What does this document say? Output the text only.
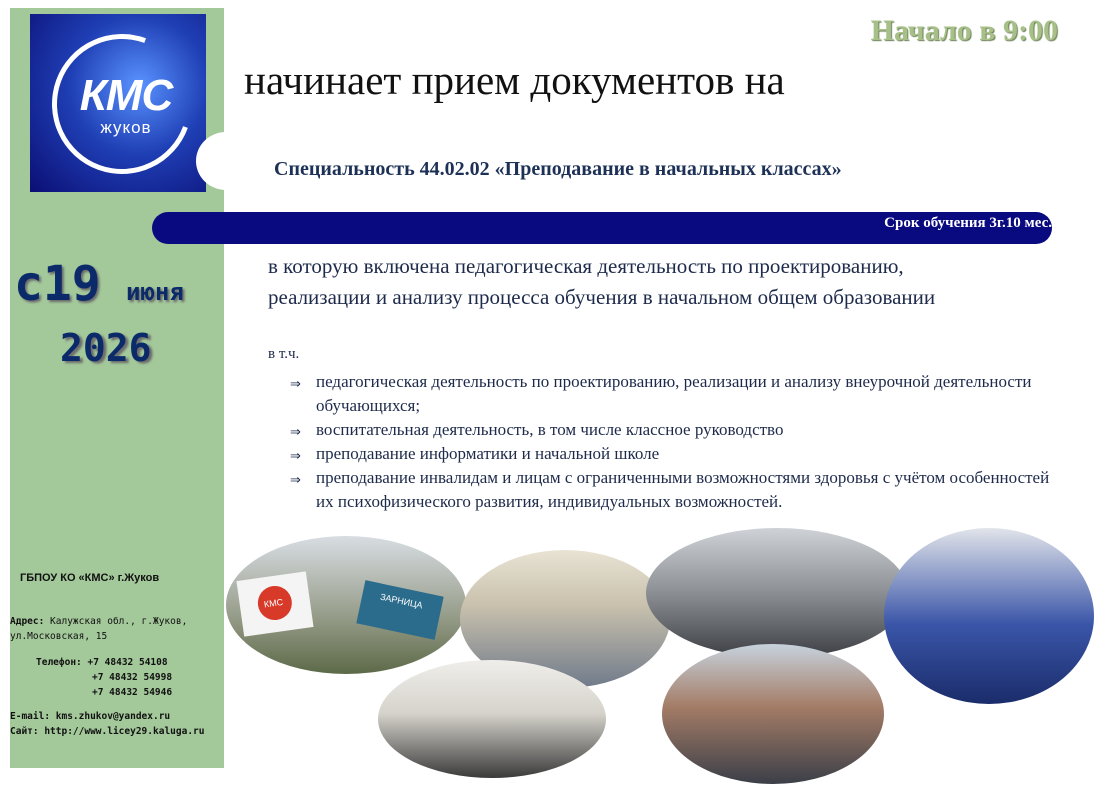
КМС
жуков
Начало в 9:00
начинает прием документов на
Специальность 44.02.02 «Преподавание в начальных классах»
Срок обучения 3г.10 мес.
с19 июня
2026
в которую включена педагогическая деятельность по проектированию, реализации и анализу процесса обучения в начальном общем образовании
в т.ч.
⇒ педагогическая деятельность по проектированию, реализации и анализу внеурочной деятельности обучающихся;
⇒ воспитательная деятельность, в том числе классное руководство
⇒ преподавание информатики и начальной школе
⇒ преподавание инвалидам и лицам с ограниченными возможностями здоровья с учётом особенностей их психофизического развития, индивидуальных возможностей.
ГБПОУ КО «КМС» г.Жуков
Адрес: Калужская обл., г.Жуков,
ул.Московская, 15
Телефон: +7 48432 54108
+7 48432 54998
+7 48432 54946
E-mail: kms.zhukov@yandex.ru
Сайт: http://www.licey29.kaluga.ru
КМС	ЗАРНИЦА
